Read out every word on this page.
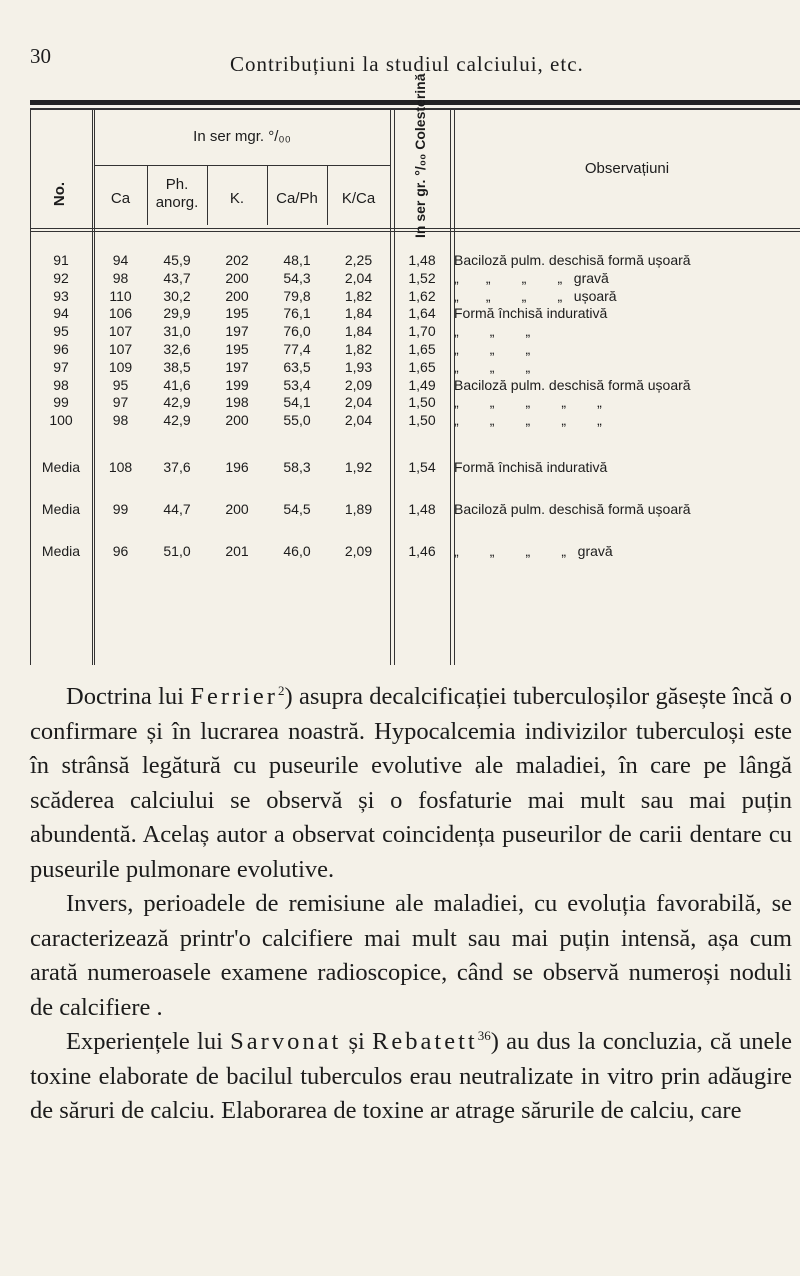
30	Contribuțiuni la studiul calciului, etc.
No.
In ser mgr. °/₀₀
Ca
Ph.
anorg.	K.	Ca/Ph	K/Ca	In ser gr. °/₀₀ Colesterină	Observațiuni
91	94	45,9	202	48,1	2,25	1,48	Baciloză pulm. deschisă formă ușoară
92	98	43,7	200	54,3	2,04	1,52	„       „        „        „   gravă
93	110	30,2	200	79,8	1,82	1,62	„       „        „        „   ușoară
94	106	29,9	195	76,1	1,84	1,64	Formă închisă indurativă
95	107	31,0	197	76,0	1,84	1,70	„        „        „
96	107	32,6	195	77,4	1,82	1,65	„        „        „
97	109	38,5	197	63,5	1,93	1,65	„        „        „
98	95	41,6	199	53,4	2,09	1,49	Baciloză pulm. deschisă formă ușoară
99	97	42,9	198	54,1	2,04	1,50	„        „        „        „        „
100	98	42,9	200	55,0	2,04	1,50	„        „        „        „        „
Media	108	37,6	196	58,3	1,92	1,54	Formă închisă indurativă
Media	99	44,7	200	54,5	1,89	1,48	Baciloză pulm. deschisă formă ușoară
Media	96	51,0	201	46,0	2,09	1,46	„        „        „        „   gravă

Doctrina lui Ferrier$^2$) asupra decalcificației tuberculoșilor găsește încă o confirmare și în lucrarea noastră. Hypocalcemia indivizilor tuberculoși este în strânsă legătură cu puseurile evolutive ale maladiei, în care pe lângă scăderea calciului se observă și o fosfaturie mai mult sau mai puțin abundentă. Acelaș autor a observat coincidența puseurilor de carii dentare cu puseurile pulmonare evolutive.

Invers, perioadele de remisiune ale maladiei, cu evoluția favorabilă, se caracterizează printr'o calcifiere mai mult sau mai puțin intensă, așa cum arată numeroasele examene radioscopice, când se observă numeroși noduli de calcifiere .

Experiențele lui Sarvonat și Rebatett$^{36}$) au dus la concluzia, că unele toxine elaborate de bacilul tuberculos erau neutralizate in vitro prin adăugire de săruri de calciu. Elaborarea de toxine ar atrage sărurile de calciu, care
